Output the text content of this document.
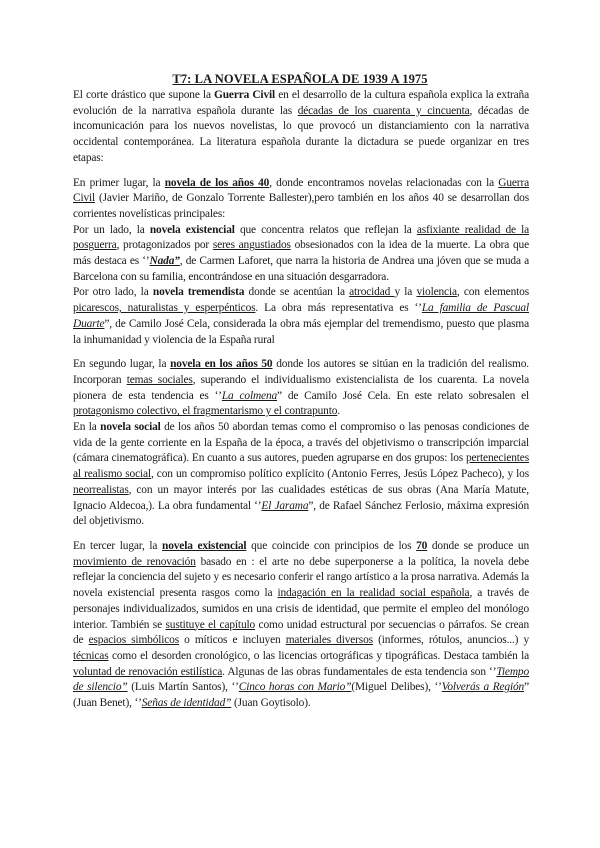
T7: LA NOVELA ESPAÑOLA DE 1939 A 1975

El corte drástico que supone la Guerra Civil en el desarrollo de la cultura española explica la extraña evolución de la narrativa española durante las décadas de los cuarenta y cincuenta, décadas de incomunicación para los nuevos novelistas, lo que provocó un distanciamiento con la narrativa occidental contemporánea. La literatura española durante la dictadura se puede organizar en tres etapas:

En primer lugar, la novela de los años 40, donde encontramos novelas relacionadas con la Guerra Civil (Javier Mariño, de Gonzalo Torrente Ballester),pero también en los años 40 se desarrollan dos corrientes novelísticas principales:

Por un lado, la novela existencial que concentra relatos que reflejan la asfixiante realidad de la posguerra, protagonizados por seres angustiados obsesionados con la idea de la muerte. La obra que más destaca es ‘’Nada”, de Carmen Laforet, que narra la historia de Andrea una jóven que se muda a Barcelona con su familia, encontrándose en una situación desgarradora.

Por otro lado, la novela tremendista donde se acentúan la atrocidad y la violencia, con elementos picarescos, naturalistas y esperpénticos. La obra más representativa es ‘’La familia de Pascual Duarte”, de Camilo José Cela, considerada la obra más ejemplar del tremendismo, puesto que plasma la inhumanidad y violencia de la España rural

En segundo lugar, la novela en los años 50 donde los autores se sitúan en la tradición del realismo. Incorporan temas sociales, superando el individualismo existencialista de los cuarenta. La novela pionera de esta tendencia es ‘’La colmena” de Camilo José Cela. En este relato sobresalen el protagonismo colectivo, el fragmentarismo y el contrapunto.

En la novela social de los años 50 abordan temas como el compromiso o las penosas condiciones de vida de la gente corriente en la España de la época, a través del objetivismo o transcripción imparcial (cámara cinematográfica). En cuanto a sus autores, pueden agruparse en dos grupos: los pertenecientes al realismo social, con un compromiso político explícito (Antonio Ferres, Jesús López Pacheco), y los neorrealistas, con un mayor interés por las cualidades estéticas de sus obras (Ana María Matute, Ignacio Aldecoa,). La obra fundamental ‘’El Jarama”, de Rafael Sánchez Ferlosio, máxima expresión del objetivismo.

En tercer lugar, la novela existencial que coincide con principios de los 70 donde se produce un movimiento de renovación basado en : el arte no debe superponerse a la política, la novela debe reflejar la conciencia del sujeto y es necesario conferir el rango artístico a la prosa narrativa. Además la novela existencial presenta rasgos como la indagación en la realidad social española, a través de personajes individualizados, sumidos en una crisis de identidad, que permite el empleo del monólogo interior. También se sustituye el capítulo como unidad estructural por secuencias o párrafos. Se crean de espacios simbólicos o míticos e incluyen materiales diversos (informes, rótulos, anuncios...) y técnicas como el desorden cronológico, o las licencias ortográficas y tipográficas. Destaca también la voluntad de renovación estilística. Algunas de las obras fundamentales de esta tendencia son ‘’Tiempo de silencio” (Luis Martín Santos), ‘’Cinco horas con Mario”(Miguel Delibes), ‘’Volverás a Región” (Juan Benet), ‘’Señas de identidad” (Juan Goytisolo).
